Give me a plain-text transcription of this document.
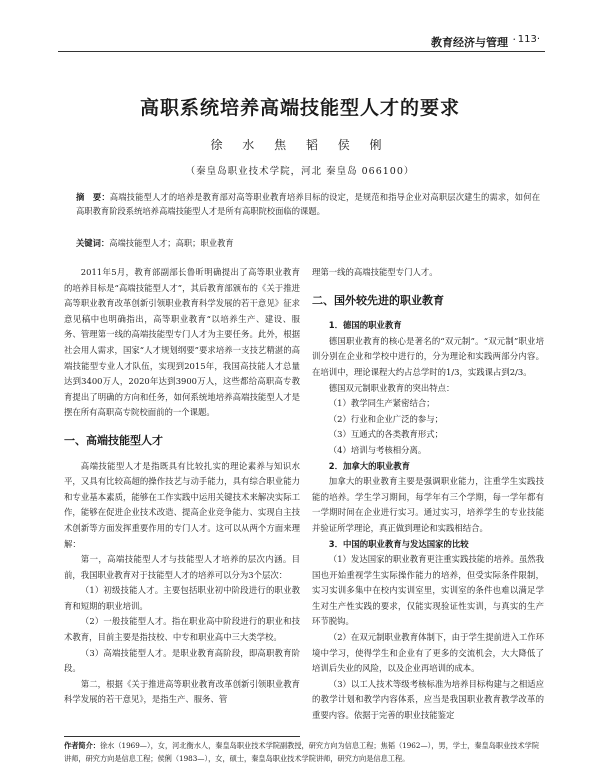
教育经济与管理 · 113·
高职系统培养高端技能型人才的要求
徐 水 焦 韬 侯 俐
（秦皇岛职业技术学院，河北 秦皇岛 066100）
摘　要：高端技能型人才的培养是教育部对高等职业教育培养目标的设定，是规范和指导企业对高职层次建生的需求，如何在高职教育阶段系统培养高端技能型人才是所有高职院校面临的课题。
关键词：高端技能型人才；高职；职业教育

2011年5月，教育部副部长鲁昕明确提出了高等职业教育的培养目标是“高端技能型人才”，其后教育部颁布的《关于推进高等职业教育改革创新引领职业教育科学发展的若干意见》征求意见稿中也明确指出，高等职业教育“以培养生产、建设、服务、管理第一线的高端技能型专门人才为主要任务。此外，根据社会用人需求，国家“人才规划纲要”要求培养一支技艺精湛的高端技能型专业人才队伍，实现到2015年，我国高技能人才总量达到3400万人，2020年达到3900万人，这些都给高职高专教育提出了明确的方向和任务，如何系统地培养高端技能型人才是摆在所有高职高专院校面前的一个课题。

一、高端技能型人才

高端技能型人才是指既具有比较扎实的理论素养与知识水平，又具有比较高超的操作技艺与动手能力，具有综合职业能力和专业基本素质，能够在工作实践中运用关键技术来解决实际工作，能够在促进企业技术改造、提高企业竞争能力、实现自主技术创新等方面发挥重要作用的专门人才。这可以从两个方面来理解：

第一，高端技能型人才与技能型人才培养的层次内涵。目前，我国职业教育对于技能型人才的培养可以分为3个层次：

（1）初级技能人才。主要包括职业初中阶段进行的职业教育和短期的职业培训。

（2）一般技能型人才。指在职业高中阶段进行的职业和技术教育，目前主要是指技校、中专和职业高中三大类学校。

（3）高端技能型人才。是职业教育高阶段，即高职教育阶段。

第二，根据《关于推进高等职业教育改革创新引领职业教育科学发展的若干意见》，是指生产、服务、管

理第一线的高端技能型专门人才。

二、国外较先进的职业教育

1．德国的职业教育

德国职业教育的核心是著名的“双元制”。“双元制”职业培训分别在企业和学校中进行的，分为理论和实践两部分内容。在培训中，理论课程大约占总学时的1/3，实践课占到2/3。

德国双元制职业教育的突出特点：

（1）教学同生产紧密结合；

（2）行业和企业广泛的参与；

（3）互通式的各类教育形式；

（4）培训与考核相分离。

2．加拿大的职业教育

加拿大的职业教育主要是强调职业能力，注重学生实践技能的培养。学生学习期间，每学年有三个学期，每一学年都有一学期时间在企业进行实习。通过实习，培养学生的专业技能并验证所学理论，真正做到理论和实践相结合。

3．中国的职业教育与发达国家的比较

（1）发达国家的职业教育更注重实践技能的培养。虽然我国也开始重视学生实际操作能力的培养，但受实际条件限制，实习实训多集中在校内实训室里，实训室的条件也难以满足学生对生产性实践的要求，仅能实现验证性实训，与真实的生产环节脱钩。

（2）在双元制职业教育体制下，由于学生提前进入工作环境中学习，使得学生和企业有了更多的交流机会，大大降低了培训后失业的风险，以及企业再培训的成本。

（3）以工人技术等级考核标准为培养目标构建与之相适应的教学计划和教学内容体系，应当是我国职业教育教学改革的重要内容。依据于完善的职业技能鉴定

作者简介：徐水（1969—），女，河北衡水人，秦皇岛职业技术学院副教授，研究方向为信息工程；焦韬（1962—），男，学士，秦皇岛职业技术学院讲师，研究方向是信息工程；侯俐（1983—），女，硕士，秦皇岛职业技术学院讲师，研究方向是信息工程。
